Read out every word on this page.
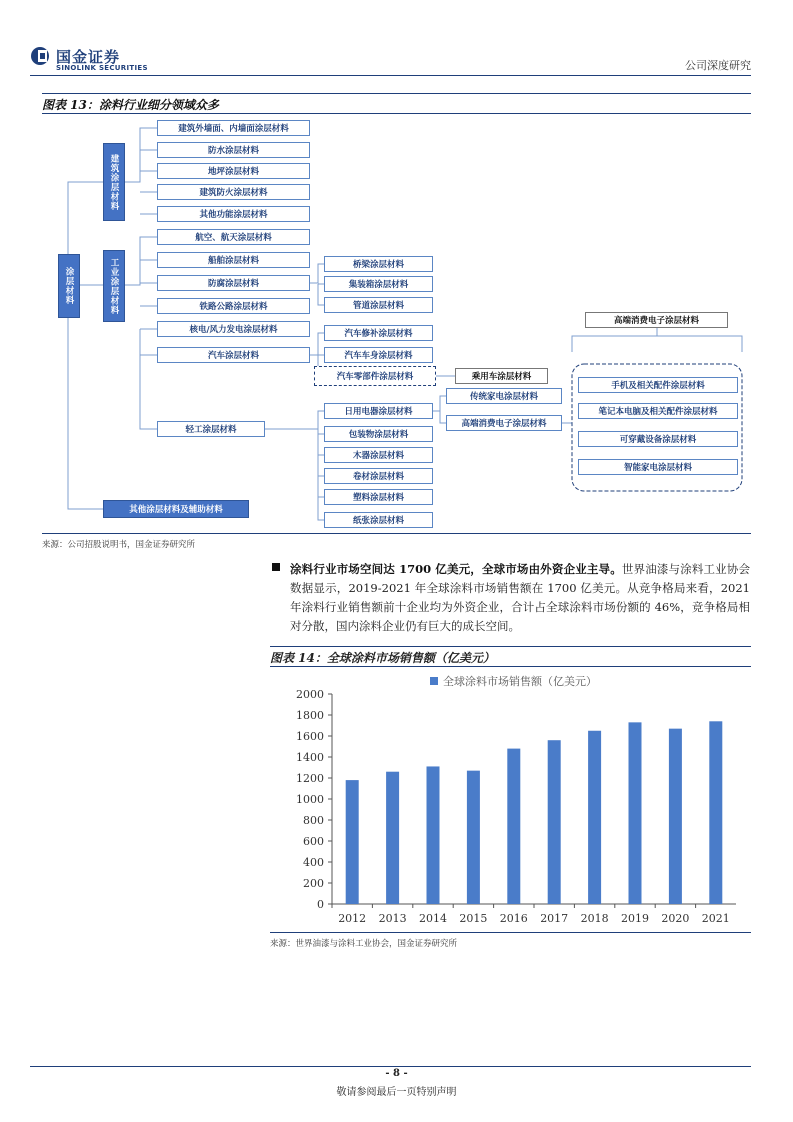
国金证券
SINOLINK SECURITIES	公司深度研究
图表 13：涂料行业细分领域众多
涂层材料
建筑涂层材料
建筑外墙面、内墙面涂层材料
防水涂层材料
地坪涂层材料
建筑防火涂层材料
其他功能涂层材料
工业涂层材料
航空、航天涂层材料
船舶涂层材料
防腐涂层材料
铁路公路涂层材料
核电/风力发电涂层材料
汽车涂层材料
轻工涂层材料
桥梁涂层材料
集装箱涂层材料
管道涂层材料
汽车修补涂层材料
汽车车身涂层材料
汽车零部件涂层材料	乘用车涂层材料
日用电器涂层材料
包装物涂层材料
木器涂层材料
卷材涂层材料
塑料涂层材料
纸张涂层材料
传统家电涂层材料
高端消费电子涂层材料
高端消费电子涂层材料
手机及相关配件涂层材料
笔记本电脑及相关配件涂层材料
可穿戴设备涂层材料
智能家电涂层材料
其他涂层材料及辅助材料
来源：公司招股说明书，国金证券研究所
涂料行业市场空间达 1700 亿美元，全球市场由外资企业主导。世界油漆与涂料工业协会数据显示，2019-2021 年全球涂料市场销售额在 1700 亿美元。从竞争格局来看，2021 年涂料行业销售额前十企业均为外资企业，合计占全球涂料市场份额的 46%，竞争格局相对分散，国内涂料企业仍有巨大的成长空间。
图表 14：全球涂料市场销售额（亿美元）
全球涂料市场销售额（亿美元）
0
200
400
600
800
1000
1200
1400
1600
1800
2000
2012 2013 2014 2015 2016 2017 2018 2019 2020 2021
来源：世界油漆与涂料工业协会，国金证券研究所
- 8 -
敬请参阅最后一页特别声明
